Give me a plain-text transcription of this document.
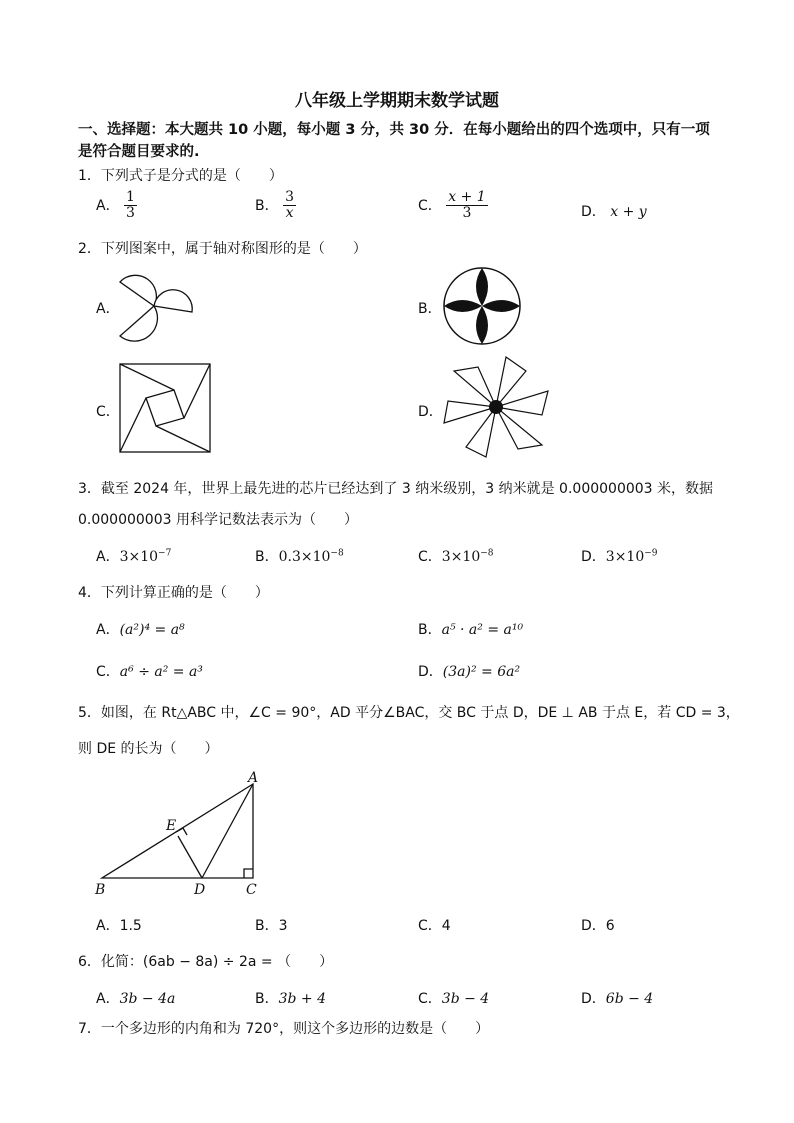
八年级上学期期末数学试题
一、选择题：本大题共 10 小题，每小题 3 分，共 30 分．在每小题给出的四个选项中，只有一项
是符合题目要求的.
1．下列式子是分式的是（　　）
A． $\frac{1}{3}$	B． $\frac{3}{x}$	C． $\frac{x + 1}{3}$	D． x + y
2．下列图案中，属于轴对称图形的是（　　）
A．	B．
C．	D．
3．截至 2024 年，世界上最先进的芯片已经达到了 3 纳米级别，3 纳米就是 0.000000003 米，数据
0.000000003 用科学记数法表示为（　　）
A．$3\times 10^{-7}$	B．$0.3\times 10^{-8}$	C．$3\times 10^{-8}$	D．$3\times 10^{-9}$
4．下列计算正确的是（　　）
A．(a²)⁴ = a⁸	B．a⁵ · a² = a¹⁰
C．a⁶ ÷ a² = a³	D．(3a)² = 6a²
5．如图，在 Rt△ABC 中，∠C = 90°，AD 平分∠BAC，交 BC 于点 D，DE ⊥ AB 于点 E，若 CD = 3，
则 DE 的长为（　　）
A
E
B	D	C
A．1.5	B．3	C．4	D．6
6．化简：(6ab − 8a) ÷ 2a = （　　）
A．3b − 4a	B．3b + 4	C．3b − 4	D．6b − 4
7．一个多边形的内角和为 720°，则这个多边形的边数是（　　）
